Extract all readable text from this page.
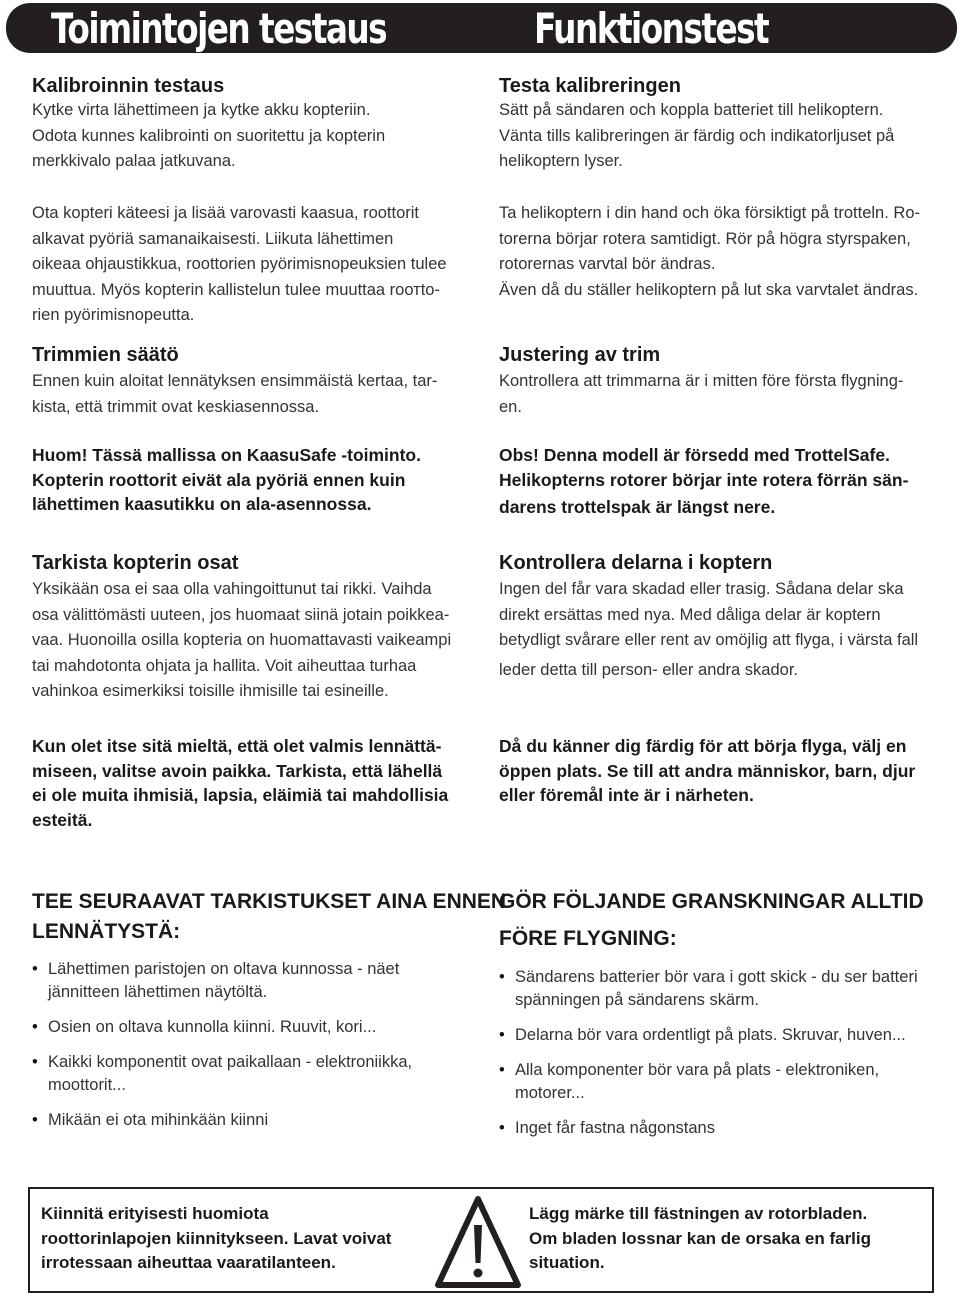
Toimintojen testaus	Funktionstest
Kalibroinnin testaus
Kytke virta lähettimeen ja kytke akku kopteriin.
Odota kunnes kalibrointi on suoritettu ja kopterin
merkkivalo palaa jatkuvana.
Ota kopteri käteesi ja lisää varovasti kaasua, roottorit
alkavat pyöriä samanaikaisesti. Liikuta lähettimen
oikeaa ohjaustikkua, roottorien pyörimisnopeuksien tulee
muuttua. Myös kopterin kallistelun tulee muuttaa roотto-
rien pyörimisnopeutta.
Trimmien säätö
Ennen kuin aloitat lennätyksen ensimmäistä kertaa, tar-
kista, että trimmit ovat keskiasennossa.
Huom! Tässä mallissa on KaasuSafe -toiminto.
Kopterin roottorit eivät ala pyöriä ennen kuin
lähettimen kaasutikku on ala-asennossa.
Tarkista kopterin osat
Yksikään osa ei saa olla vahingoittunut tai rikki. Vaihda
osa välittömästi uuteen, jos huomaat siinä jotain poikkea-
vaa. Huonoilla osilla kopteria on huomattavasti vaikeampi
tai mahdotonta ohjata ja hallita. Voit aiheuttaa turhaa
vahinkoa esimerkiksi toisille ihmisille tai esineille.
Kun olet itse sitä mieltä, että olet valmis lennättä-
miseen, valitse avoin paikka. Tarkista, että lähellä
ei ole muita ihmisiä, lapsia, eläimiä tai mahdollisia
esteitä.
TEE SEURAAVAT TARKISTUKSET AINA ENNEN
LENNÄTYSTÄ:
• Lähettimen paristojen on oltava kunnossa - näet
jännitteen lähettimen näytöltä.
• Osien on oltava kunnolla kiinni. Ruuvit, kori...
• Kaikki komponentit ovat paikallaan - elektroniikka,
moottorit...
• Mikään ei ota mihinkään kiinni
Testa kalibreringen
Sätt på sändaren och koppla batteriet till helikoptern.
Vänta tills kalibreringen är färdig och indikatorljuset på
helikoptern lyser.
Ta helikoptern i din hand och öka försiktigt på trotteln. Ro-
torerna börjar rotera samtidigt. Rör på högra styrspaken,
rotorernas varvtal bör ändras.
Även då du ställer helikoptern på lut ska varvtalet ändras.
Justering av trim
Kontrollera att trimmarna är i mitten före första flygning-
en.
Obs! Denna modell är försedd med TrottelSafe.
Helikopterns rotorer börjar inte rotera förrän sän-
darens trottelspak är längst nere.
Kontrollera delarna i koptern
Ingen del får vara skadad eller trasig. Sådana delar ska
direkt ersättas med nya. Med dåliga delar är koptern
betydligt svårare eller rent av omöjlig att flyga, i värsta fall
leder detta till person- eller andra skador.
Då du känner dig färdig för att börja flyga, välj en
öppen plats. Se till att andra människor, barn, djur
eller föremål inte är i närheten.
GÖR FÖLJANDE GRANSKNINGAR ALLTID
FÖRE FLYGNING:
• Sändarens batterier bör vara i gott skick - du ser batteri
spänningen på sändarens skärm.
• Delarna bör vara ordentligt på plats. Skruvar, huven...
• Alla komponenter bör vara på plats - elektroniken,
motorer...
• Inget får fastna någonstans
Kiinnitä erityisesti huomiota
roottorinlapojen kiinnitykseen. Lavat voivat
irrotessaan aiheuttaa vaaratilanteen.
Lägg märke till fästningen av rotorbladen.
Om bladen lossnar kan de orsaka en farlig
situation.
